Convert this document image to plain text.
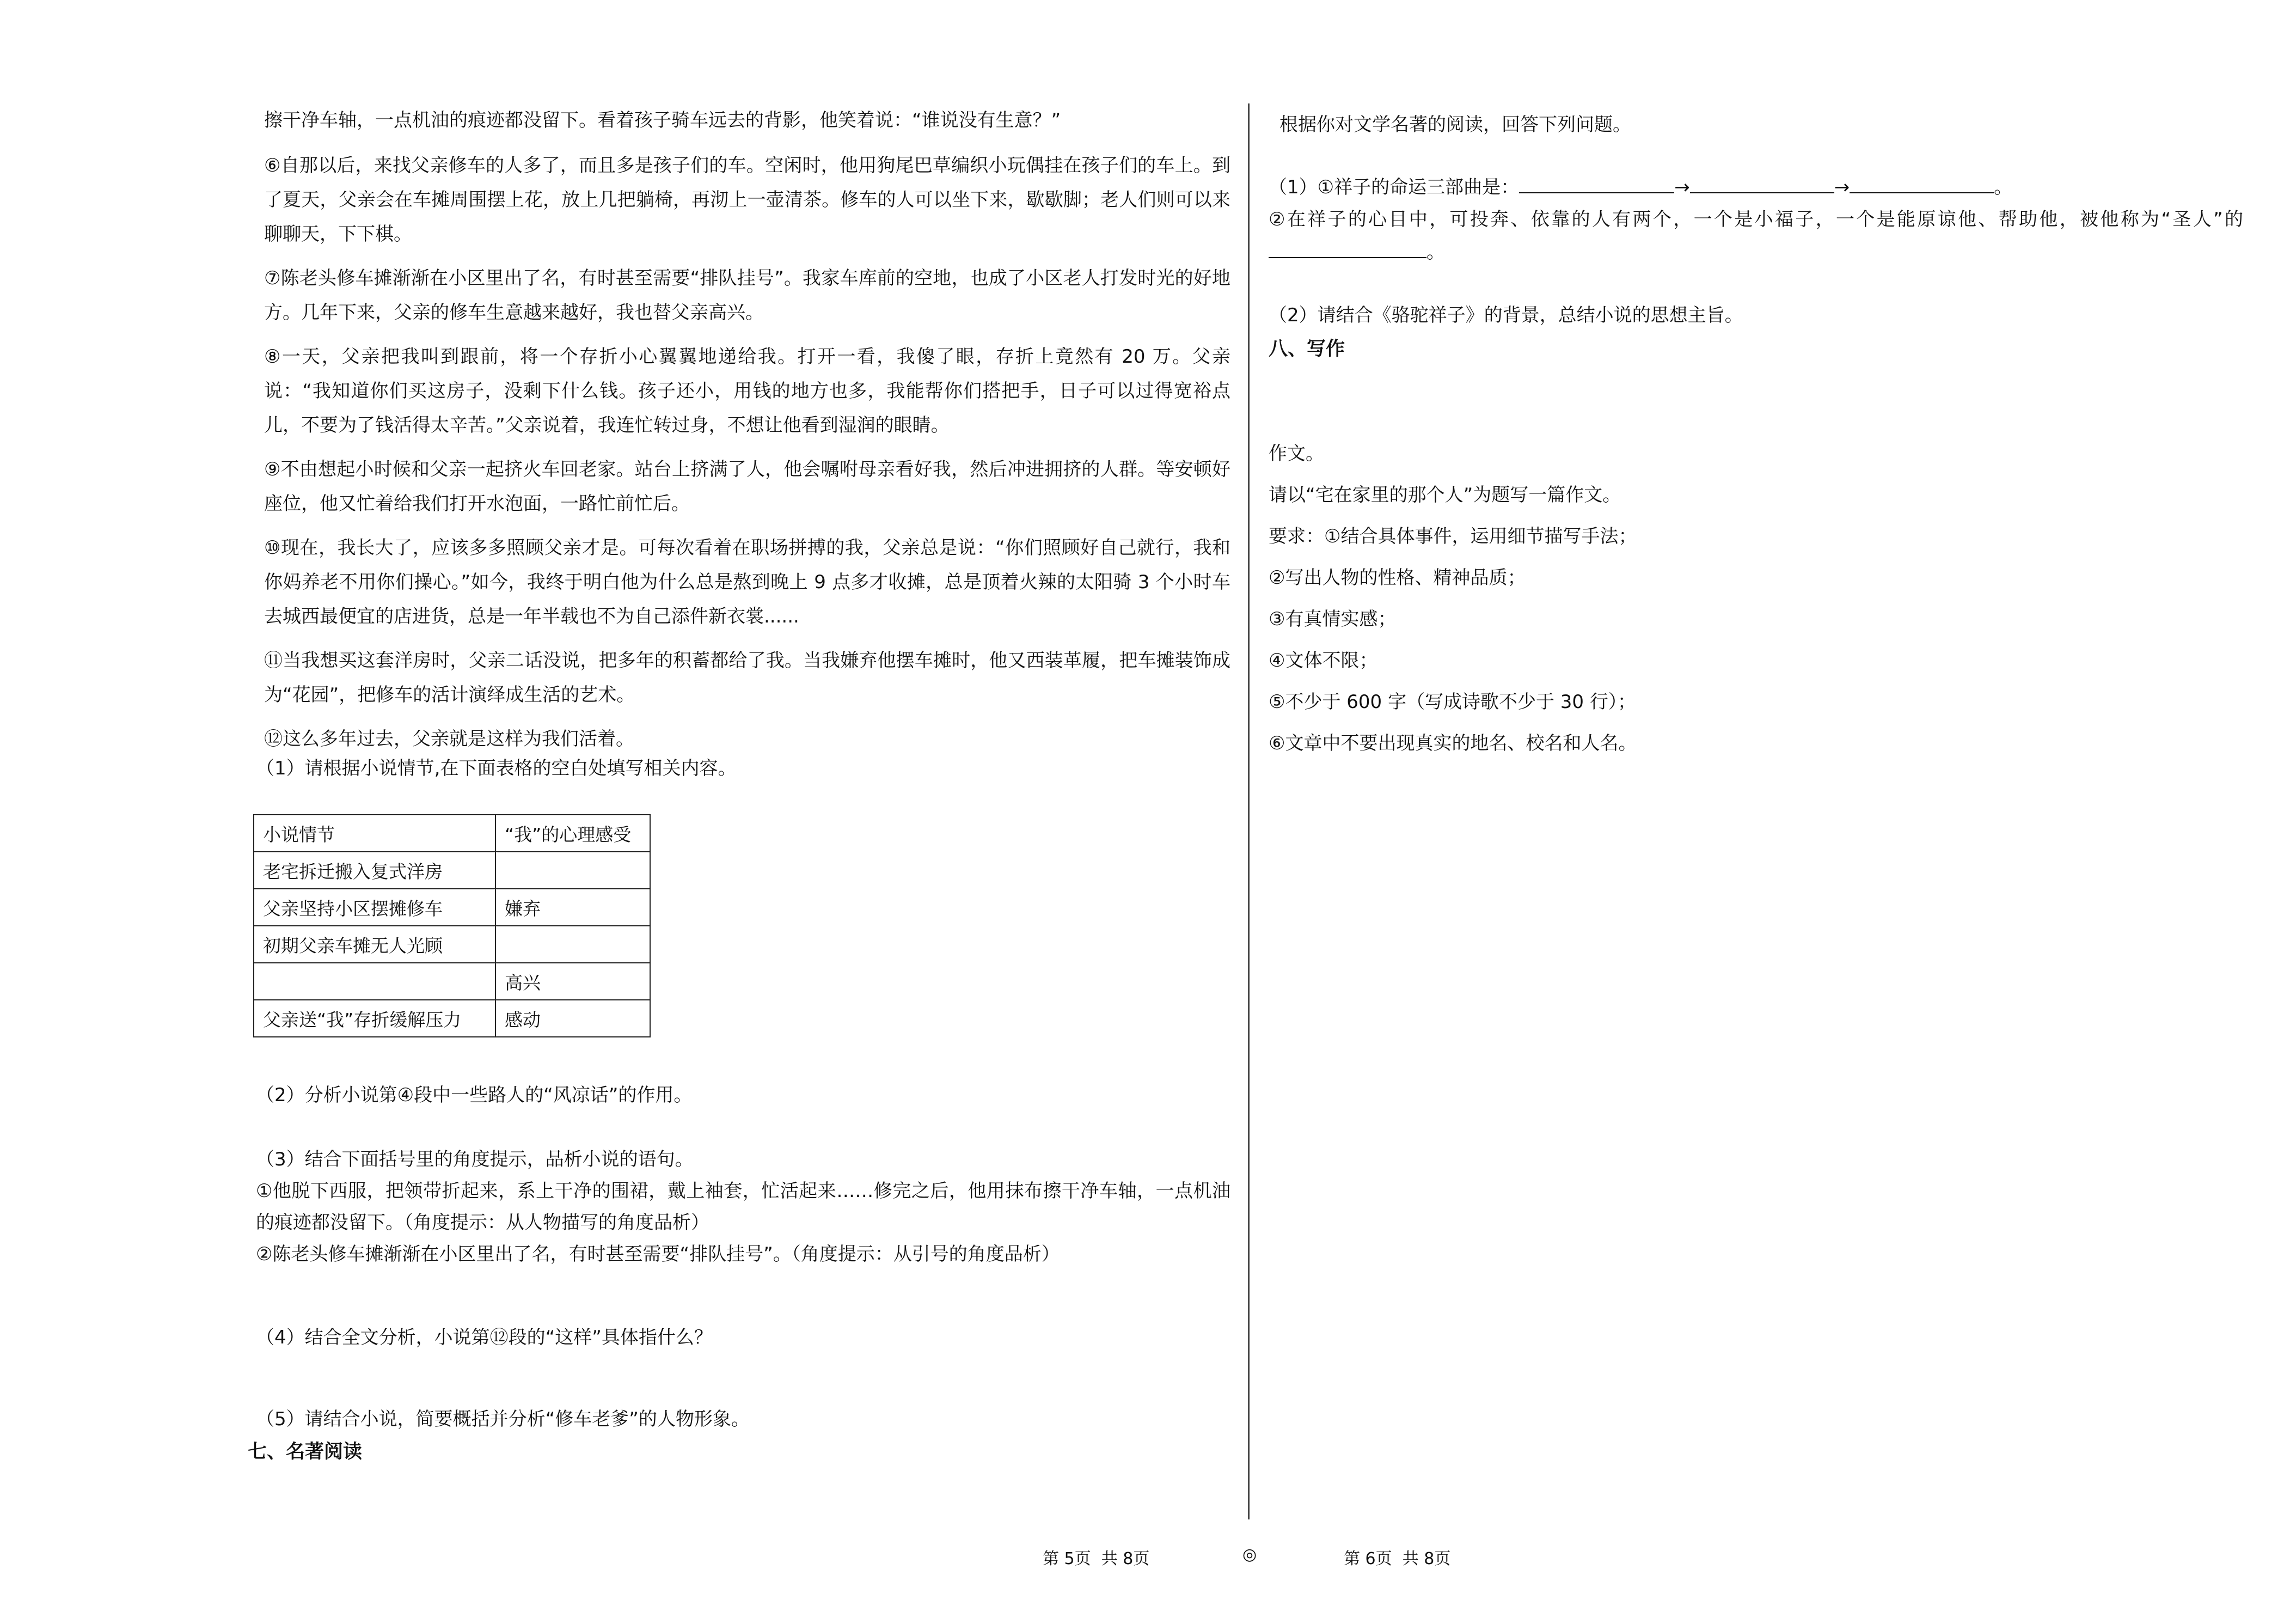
擦干净车轴，一点机油的痕迹都没留下。看着孩子骑车远去的背影，他笑着说：“谁说没有生意？”

⑥自那以后，来找父亲修车的人多了，而且多是孩子们的车。空闲时，他用狗尾巴草编织小玩偶挂在孩子们的车上。到了夏天，父亲会在车摊周围摆上花，放上几把躺椅，再沏上一壶清茶。修车的人可以坐下来，歇歇脚；老人们则可以来聊聊天，下下棋。

⑦陈老头修车摊渐渐在小区里出了名，有时甚至需要“排队挂号”。我家车库前的空地，也成了小区老人打发时光的好地方。几年下来，父亲的修车生意越来越好，我也替父亲高兴。

⑧一天，父亲把我叫到跟前，将一个存折小心翼翼地递给我。打开一看，我傻了眼，存折上竟然有 20 万。父亲说：“我知道你们买这房子，没剩下什么钱。孩子还小，用钱的地方也多，我能帮你们搭把手，日子可以过得宽裕点儿，不要为了钱活得太辛苦。”父亲说着，我连忙转过身，不想让他看到湿润的眼睛。

⑨不由想起小时候和父亲一起挤火车回老家。站台上挤满了人，他会嘱咐母亲看好我，然后冲进拥挤的人群。等安顿好座位，他又忙着给我们打开水泡面，一路忙前忙后。

⑩现在，我长大了，应该多多照顾父亲才是。可每次看着在职场拼搏的我，父亲总是说：“你们照顾好自己就行，我和你妈养老不用你们操心。”如今，我终于明白他为什么总是熬到晚上 9 点多才收摊，总是顶着火辣的太阳骑 3 个小时车去城西最便宜的店进货，总是一年半载也不为自己添件新衣裳......

⑪当我想买这套洋房时，父亲二话没说，把多年的积蓄都给了我。当我嫌弃他摆车摊时，他又西装革履，把车摊装饰成为“花园”，把修车的活计演绎成生活的艺术。

⑫这么多年过去，父亲就是这样为我们活着。

（1）请根据小说情节,在下面表格的空白处填写相关内容。

小说情节	“我”的心理感受
老宅拆迁搬入复式洋房	
父亲坚持小区摆摊修车	嫌弃
初期父亲车摊无人光顾	
	高兴
父亲送“我”存折缓解压力	感动

（2）分析小说第④段中一些路人的“风凉话”的作用。

（3）结合下面括号里的角度提示，品析小说的语句。

①他脱下西服，把领带折起来，系上干净的围裙，戴上袖套，忙活起来……修完之后，他用抹布擦干净车轴，一点机油的痕迹都没留下。（角度提示：从人物描写的角度品析）

②陈老头修车摊渐渐在小区里出了名，有时甚至需要“排队挂号”。（角度提示：从引号的角度品析）

（4）结合全文分析，小说第⑫段的“这样”具体指什么？

（5）请结合小说，简要概括并分析“修车老爹”的人物形象。

七、名著阅读

根据你对文学名著的阅读，回答下列问题。

（1）①祥子的命运三部曲是：	→	→	。

②在祥子的心目中，可投奔、依靠的人有两个，一个是小福子，一个是能原谅他、帮助他，被他称为“圣人”的。

（2）请结合《骆驼祥子》的背景，总结小说的思想主旨。

八、写作

作文。

请以“宅在家里的那个人”为题写一篇作文。

要求：①结合具体事件，运用细节描写手法；

②写出人物的性格、精神品质；

③有真情实感；

④文体不限；

⑤不少于 600 字（写成诗歌不少于 30 行）；

⑥文章中不要出现真实的地名、校名和人名。

第 5页  共 8页	◎	第 6页  共 8页
